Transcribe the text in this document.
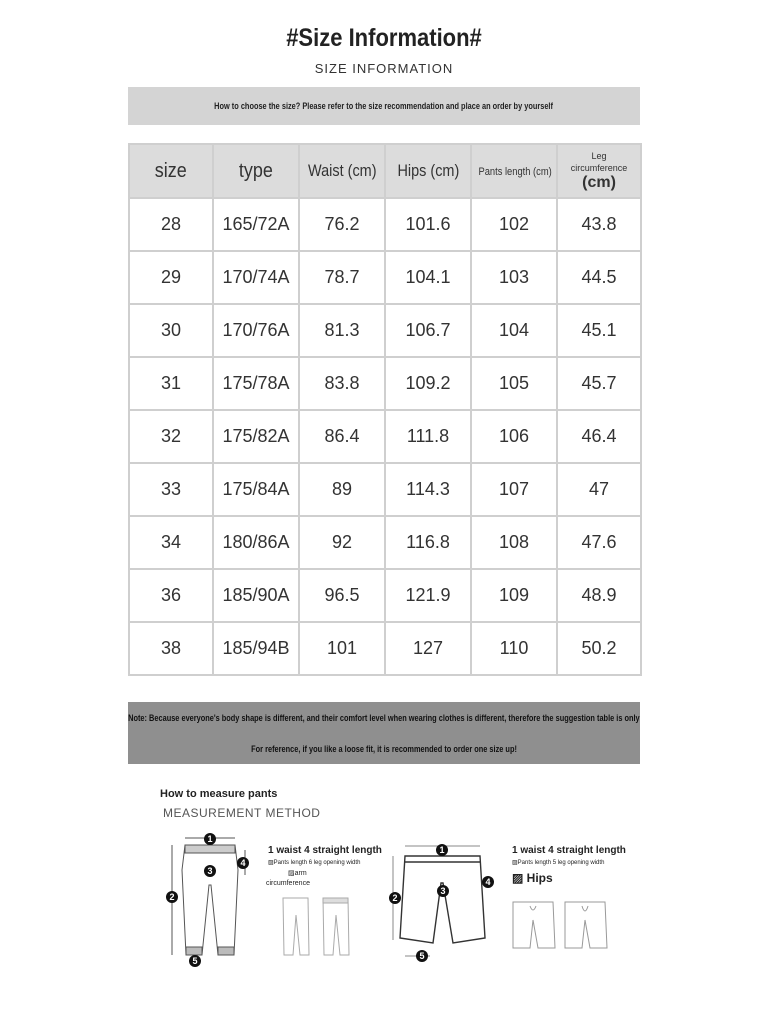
#Size Information#
SIZE INFORMATION
How to choose the size? Please refer to the size recommendation and place an order by yourself
size	type	Waist (cm)	Hips (cm)	Pants length (cm)	Leg
circumference
(cm)

28	165/72A	76.2	101.6	102	43.8
29	170/74A	78.7	104.1	103	44.5
30	170/76A	81.3	106.7	104	45.1
31	175/78A	83.8	109.2	105	45.7
32	175/82A	86.4	111.8	106	46.4
33	175/84A	89	114.3	107	47
34	180/86A	92	116.8	108	47.6
36	185/90A	96.5	121.9	109	48.9
38	185/94B	101	127	110	50.2
Note: Because everyone's body shape is different, and their comfort level when wearing clothes is different, therefore the suggestion table is only
For reference, if you like a loose fit, it is recommended to order one size up!
How to measure pants
MEASUREMENT METHOD
1
2
3
4
5
1 waist 4 straight length
▨Pants length 6 leg opening width
▨arm
circumference
1
2
3
4
5
1 waist 4 straight length
▨Pants length 5 leg opening width
▨ Hips
